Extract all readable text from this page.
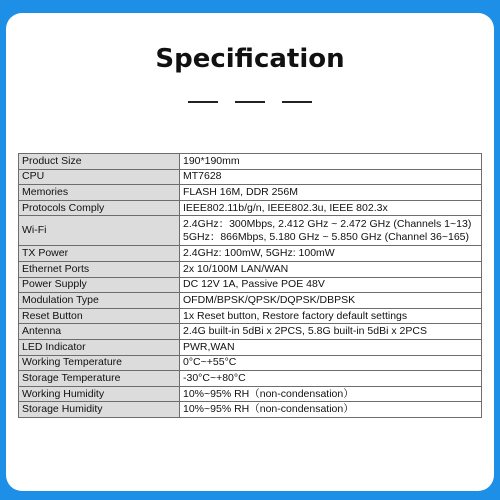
Specification
Product Size	190*190mm
CPU	MT7628
Memories	FLASH 16M, DDR 256M
Protocols Comply	IEEE802.11b/g/n, IEEE802.3u, IEEE 802.3x
Wi-Fi	2.4GHz：300Mbps, 2.412 GHz ~ 2.472 GHz (Channels 1~13)
5GHz：866Mbps, 5.180 GHz ~ 5.850 GHz (Channel 36~165)

TX Power	2.4GHz: 100mW, 5GHz: 100mW
Ethernet Ports	2x 10/100M LAN/WAN
Power Supply	DC 12V 1A, Passive POE 48V
Modulation Type	OFDM/BPSK/QPSK/DQPSK/DBPSK
Reset Button	1x Reset button, Restore factory default settings
Antenna	2.4G built-in 5dBi x 2PCS, 5.8G built-in 5dBi x 2PCS
LED Indicator	PWR,WAN
Working Temperature	0°C~+55°C
Storage Temperature	-30°C~+80°C
Working Humidity	10%~95% RH（non-condensation）
Storage Humidity	10%~95% RH（non-condensation）
